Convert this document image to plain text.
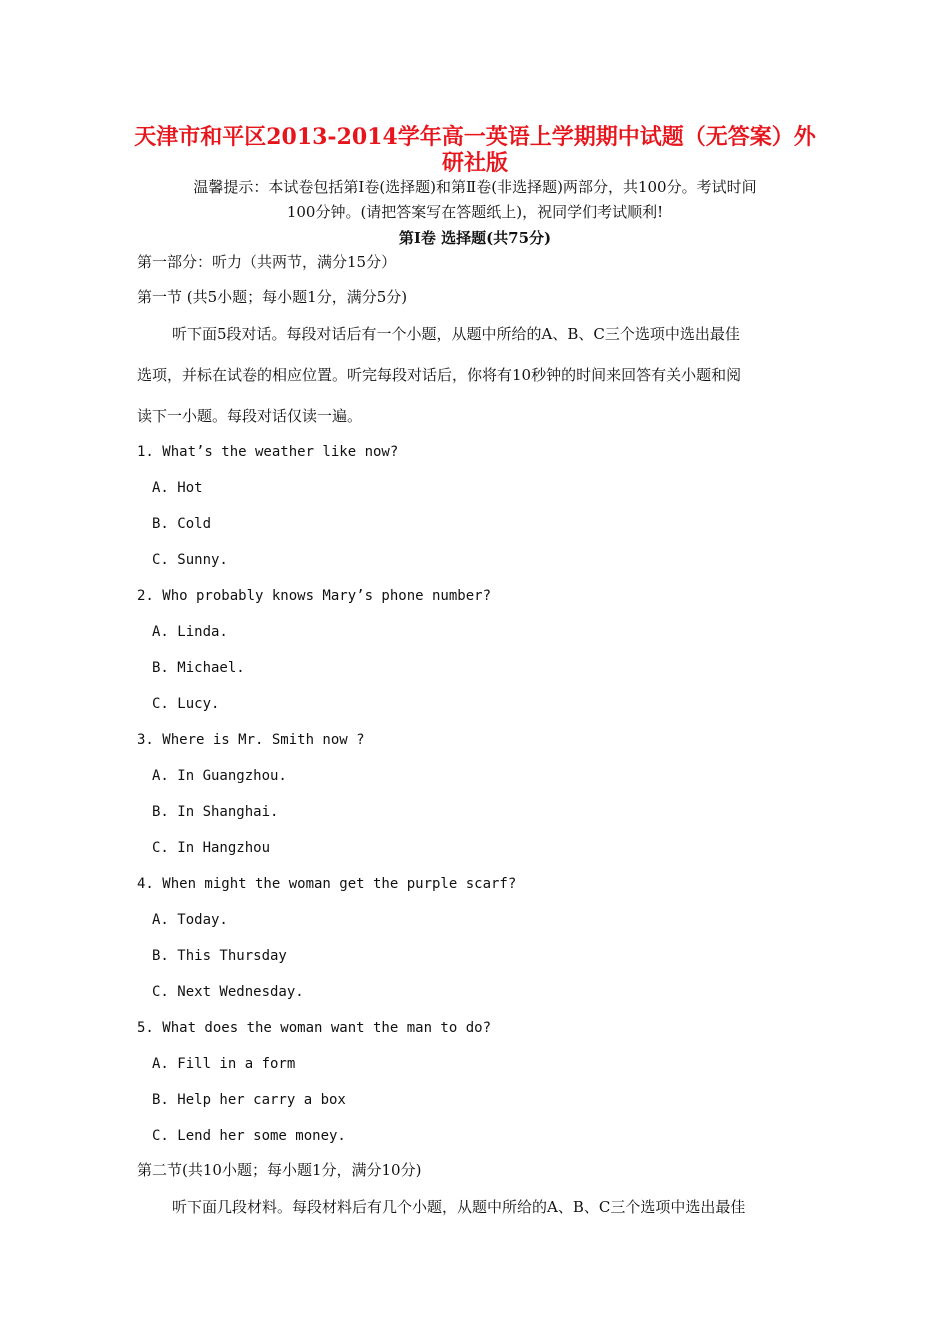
天津市和平区2013-2014学年高一英语上学期期中试题（无答案）外
研社版
温馨提示：本试卷包括第Ⅰ卷(选择题)和第Ⅱ卷(非选择题)两部分，共100分。考试时间
100分钟。(请把答案写在答题纸上)，祝同学们考试顺利!
第Ⅰ卷 选择题(共75分)
第一部分：听力（共两节，满分15分）
第一节 (共5小题；每小题1分，满分5分)
听下面5段对话。每段对话后有一个小题，从题中所给的A、B、C三个选项中选出最佳
选项，并标在试卷的相应位置。听完每段对话后，你将有10秒钟的时间来回答有关小题和阅
读下一小题。每段对话仅读一遍。
1. What’s the weather like now?
A. Hot
B. Cold
C. Sunny.
2. Who probably knows Mary’s phone number?
A. Linda.
B. Michael.
C. Lucy.
3. Where is Mr. Smith now ?
A. In Guangzhou.
B. In Shanghai.
C. In Hangzhou
4. When might the woman get the purple scarf?
A. Today.
B. This Thursday
C. Next Wednesday.
5. What does the woman want the man to do?
A. Fill in a form
B. Help her carry a box
C. Lend her some money.
第二节(共10小题；每小题1分，满分10分)
听下面几段材料。每段材料后有几个小题，从题中所给的A、B、C三个选项中选出最佳
